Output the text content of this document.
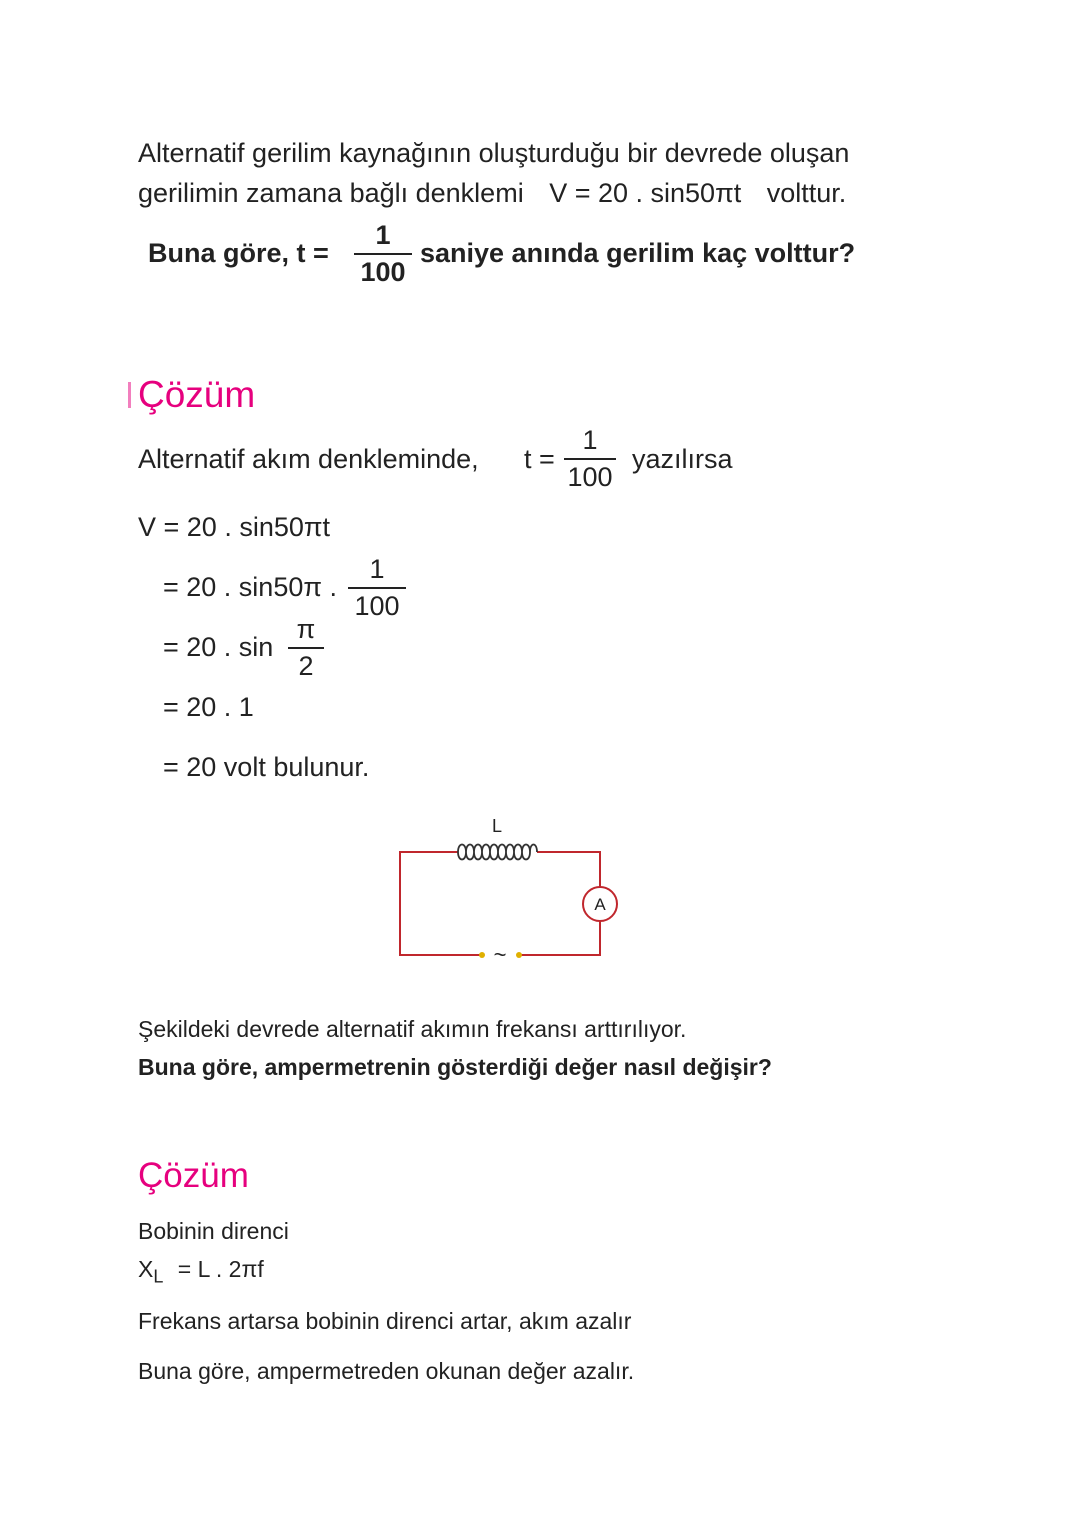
Alternatif gerilim kaynağının oluşturduğu bir devrede oluşan
gerilimin zamana bağlı denklemi V = 20 . sin50πt volttur.
Buna göre, t =
1
100
saniye anında gerilim kaç volttur?
Çözüm
Alternatif akım denkleminde, t =
1
100
yazılırsa
V = 20 . sin50πt
= 20 . sin50π .
1
100
= 20 . sin
π
2
= 20 . 1
= 20 volt bulunur.
L
A
~
Şekildeki devrede alternatif akımın frekansı arttırılıyor.
Buna göre, ampermetrenin gösterdiği değer nasıl değişir?
Çözüm
Bobinin direnci
$X_L = L$ . 2πf
Frekans artarsa bobinin direnci artar, akım azalır
Buna göre, ampermetreden okunan değer azalır.
